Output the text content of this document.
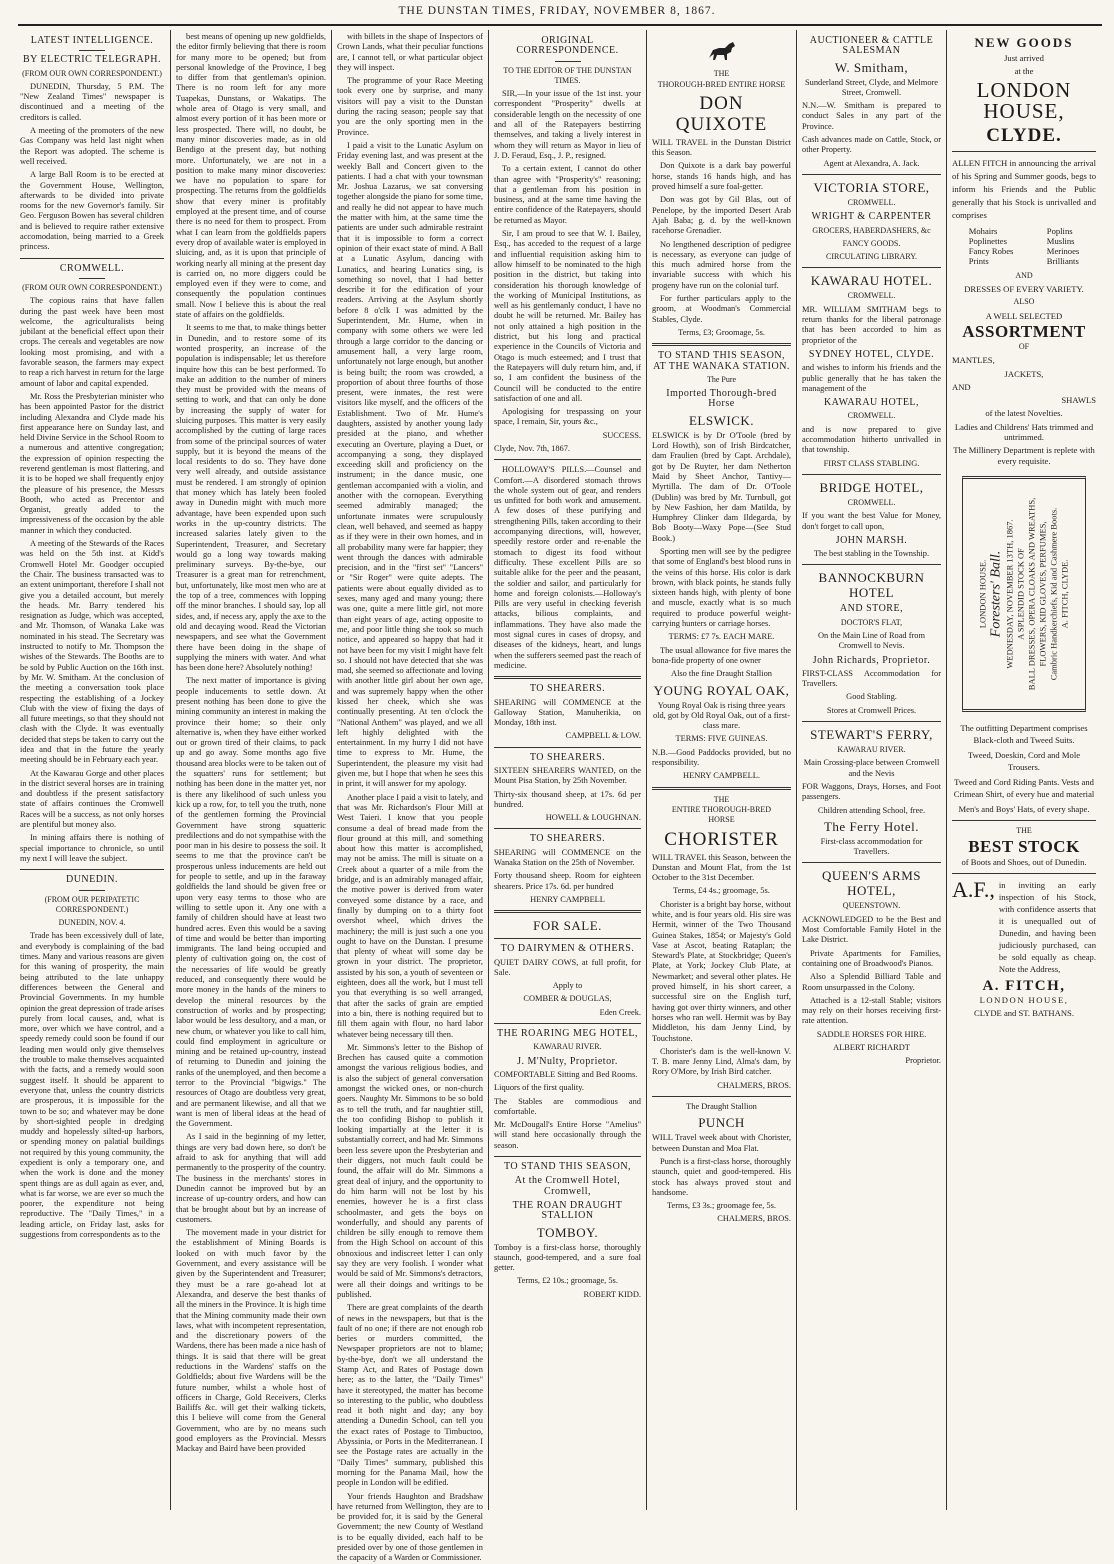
THE DUNSTAN TIMES, FRIDAY, NOVEMBER 8, 1867.
LATEST INTELLIGENCE.
BY ELECTRIC TELEGRAPH.
(FROM OUR OWN CORRESPONDENT.)

DUNEDIN, Thursday, 5 P.M. The "New Zealand Times" newspaper is discontinued and a meeting of the creditors is called.

A meeting of the promoters of the new Gas Company was held last night when the Report was adopted. The scheme is well received.

A large Ball Room is to be erected at the Government House, Wellington, afterwards to be divided into private rooms for the new Governor's family. Sir Geo. Ferguson Bowen has several children and is believed to require rather extensive accomodation, being married to a Greek princess.

CROMWELL.
(FROM OUR OWN CORRESPONDENT.)

The copious rains that have fallen during the past week have been most welcome, the agriculturalists being jubilant at the beneficial effect upon their crops. The cereals and vegetables are now looking most promising, and with a favorable season, the farmers may expect to reap a rich harvest in return for the large amount of labor and capital expended.

Mr. Ross the Presbyterian minister who has been appointed Pastor for the district including Alexandra and Clyde made his first appearance here on Sunday last, and held Divine Service in the School Room to a numerous and attentive congregation; the expression of opinion respecting the reverend gentleman is most flattering, and it is to be hoped we shall frequently enjoy the pleasure of his presence, the Messrs Booth, who acted as Precentor and Organist, greatly added to the impressiveness of the occasion by the able manner in which they conducted.

A meeting of the Stewards of the Races was held on the 5th inst. at Kidd's Cromwell Hotel Mr. Goodger occupied the Chair. The business transacted was to an extent unimportant, therefore I shall not give you a detailed account, but merely the heads. Mr. Barry tendered his resignation as Judge, which was accepted, and Mr. Thomson, of Wanaka Lake was nominated in his stead. The Secretary was instructed to notify to Mr. Thompson the wishes of the Stewards. The Booths are to be sold by Public Auction on the 16th inst. by Mr. W. Smitham. At the conclusion of the meeting a conversation took place respecting the establishing of a Jockey Club with the view of fixing the days of all future meetings, so that they should not clash with the Clyde. It was eventually decided that steps be taken to carry out the idea and that in the future the yearly meeting should be in February each year.

At the Kawarau Gorge and other places in the district several horses are in training and doubtless if the present satisfactory state of affairs continues the Cromwell Races will be a success, as not only horses are plentiful but money also.

In mining affairs there is nothing of special importance to chronicle, so until my next I will leave the subject.

DUNEDIN.
(FROM OUR PERIPATETIC CORRESPONDENT.)
DUNEDIN, NOV. 4.

Trade has been excessively dull of late, and everybody is complaining of the bad times. Many and various reasons are given for this waning of prosperity, the main being attributed to the late unhappy differences between the General and Provincial Governments. In my humble opinion the great depression of trade arises purely from local causes, and, what is more, over which we have control, and a speedy remedy could soon be found if our leading men would only give themselves the trouble to make themselves acquainted with the facts, and a remedy would soon suggest itself. It should be apparent to everyone that, unless the country districts are prosperous, it is impossible for the town to be so; and whatever may be done by short-sighted people in dredging muddy and hopelessly silted-up harbors, or spending money on palatial buildings not required by this young community, the expedient is only a temporary one, and when the work is done and the money spent things are as dull again as ever, and, what is far worse, we are ever so much the poorer, the expenditure not being reproductive. The "Daily Times," in a leading article, on Friday last, asks for suggestions from correspondents as to the

best means of opening up new goldfields, the editor firmly believing that there is room for many more to be opened; but from personal knowledge of the Province, I beg to differ from that gentleman's opinion. There is no room left for any more Tuapekas, Dunstans, or Wakatips. The whole area of Otago is very small, and almost every portion of it has been more or less prospected. There will, no doubt, be many minor discoveries made, as in old Bendigo at the present day, but nothing more. Unfortunately, we are not in a position to make many minor discoveries: we have no population to spare for prospecting. The returns from the goldfields show that every miner is profitably employed at the present time, and of course there is no need for them to prospect. From what I can learn from the goldfields papers every drop of available water is employed in sluicing, and, as it is upon that principle of working nearly all mining at the present day is carried on, no more diggers could be employed even if they were to come, and consequently the population continues small. Now I believe this is about the real state of affairs on the goldfields.

It seems to me that, to make things better in Dunedin, and to restore some of its wonted prosperity, an increase of the population is indispensable; let us therefore inquire how this can be best performed. To make an addition to the number of miners they must be provided with the means of setting to work, and that can only be done by increasing the supply of water for sluicing purposes. This matter is very easily accomplished by the cutting of large races from some of the principal sources of water supply, but it is beyond the means of the local residents to do so. They have done very well already, and outside assistance must be rendered. I am strongly of opinion that money which has lately been fooled away in Dunedin might with much more advantage, have been expended upon such works in the up-country districts. The increased salaries lately given to the Superintendent, Treasurer, and Secretary would go a long way towards making preliminary surveys. By-the-bye, our Treasurer is a great man for retrenchment, but, unfortunately, like most men who are at the top of a tree, commences with lopping off the minor branches. I should say, lop all sides, and, if necess ary, apply the axe to the old and decaying wood. Read the Victorian newspapers, and see what the Government there have been doing in the shape of supplying the miners with water. And what has been done here? Absolutely nothing!

The next matter of importance is giving people inducements to settle down. At present nothing has been done to give the mining community an interest in making the province their home; so their only alternative is, when they have either worked out or grown tired of their claims, to pack up and go away. Some months ago five thousand area blocks were to be taken out of the squatters' runs for settlement; but nothing has been done in the matter yet, nor is there any likelihood of such unless you kick up a row, for, to tell you the truth, none of the gentlemen forming the Provincial Government have strong squatteric predilections and do not sympathise with the poor man in his desire to possess the soil. It seems to me that the province can't be prosperous unless inducements are held out for people to settle, and up in the faraway goldfields the land should be given free or upon very easy terms to those who are willing to settle upon it. Any one with a family of children should have at least two hundred acres. Even this would be a saving of time and would be better than importing immigrants. The land being occupied and plenty of cultivation going on, the cost of the necessaries of life would be greatly reduced, and consequently there would be more money in the hands of the miners to develop the mineral resources by the construction of works and by prospecting; labor would be less desultory, and a man, or new chum, or whatever you like to call him, could find employment in agriculture or mining and be retained up-country, instead of returning to Dunedin and joining the ranks of the unemployed, and then become a terror to the Provincial "bigwigs." The resources of Otago are doubtless very great, and are permanent likewise, and all that we want is men of liberal ideas at the head of the Government.

As I said in the beginning of my letter, things are very bad down here, so don't be afraid to ask for anything that will add permanently to the prosperity of the country. The business in the merchants' stores in Dunedin cannot be improved but by an increase of up-country orders, and how can that be brought about but by an increase of customers.

The movement made in your district for the establishment of Mining Boards is looked on with much favor by the Government, and every assistance will be given by the Superintendent and Treasurer; they must be a rare go-ahead lot at Alexandra, and deserve the best thanks of all the miners in the Province. It is high time that the Mining community made their own laws, what with incompetent representation, and the discretionary powers of the Wardens, there has been made a nice hash of things. It is said that there will be great reductions in the Wardens' staffs on the Goldfields; about five Wardens will be the future number, whilst a whole host of officers in Charge, Gold Receivers, Clerks Bailiffs &c. will get their walking tickets, this I believe will come from the General Government, who are by no means such good employers as the Provincial. Messrs Mackay and Baird have been provided

with billets in the shape of Inspectors of Crown Lands, what their peculiar functions are, I cannot tell, or what particular object they will inspect.

The programme of your Race Meeting took every one by surprise, and many visitors will pay a visit to the Dunstan during the racing season; people say that you are the only sporting men in the Province.

I paid a visit to the Lunatic Asylum on Friday evening last, and was present at the weekly Ball and Concert given to the patients. I had a chat with your townsman Mr. Joshua Lazarus, we sat conversing together alongside the piano for some time, and really he did not appear to have much the matter with him, at the same time the patients are under such admirable restraint that it is impossible to form a correct opinion of their exact state of mind. A Ball at a Lunatic Asylum, dancing with Lunatics, and hearing Lunatics sing, is something so novel, that I had better describe it for the edification of your readers. Arriving at the Asylum shortly before 8 o'clk I was admitted by the Superintendent, Mr. Hume, when in company with some others we were led through a large corridor to the dancing or amusement hall, a very large room, unfortunately not large enough, but another is being built; the room was crowded, a proportion of about three fourths of those present, were inmates, the rest were visitors like myself, and the officers of the Establishment. Two of Mr. Hume's daughters, assisted by another young lady presided at the piano, and whether executing an Overture, playing a Duet, or accompanying a song, they displayed exceeding skill and proficiency on the instrument; in the dance music, one gentleman accompanied with a violin, and another with the cornopean. Everything seemed admirably managed; the unfortunate inmates were scrupulously clean, well behaved, and seemed as happy as if they were in their own homes, and in all probability many were far happier; they went through the dances with admirable precision, and in the "first set" "Lancers" or "Sir Roger" were quite adepts. The patients were about equally divided as to sexes, many aged and many young; there was one, quite a mere little girl, not more than eight years of age, acting opposite to me, and poor little thing she took so much notice, and appeared so happy that had it not have been for my visit I might have felt so. I should not have detected that she was mad, she seemed so affectionate and loving with another little girl about her own age, and was supremely happy when the other kissed her cheek, which she was continually presenting. At ten o'clock the "National Anthem" was played, and we all left highly delighted with the entertainment. In my hurry I did not have time to express to Mr. Hume, the Superintendent, the pleasure my visit had given me, but I hope that when he sees this in print, it will answer for my apology.

Another place I paid a visit to lately, and that was Mr. Richardson's Flour Mill at West Taieri. I know that you people consume a deal of bread made from the flour ground at this mill, and something about how this matter is accomplished, may not be amiss. The mill is situate on a Creek about a quarter of a mile from the bridge, and is an admirably managed affair, the motive power is derived from water conveyed some distance by a race, and finally by dumping on to a thirty foot overshot wheel, which drives the machinery; the mill is just such a one you ought to have on the Dunstan. I presume that plenty of wheat will some day be grown in your district. The proprietor, assisted by his son, a youth of seventeen or eighteen, does all the work, but I must tell you that everything is so well arranged, that after the sacks of grain are emptied into a bin, there is nothing required but to fill them again with flour, no hard labor whatever being necessary till then.

Mr. Simmons's letter to the Bishop of Brechen has caused quite a commotion amongst the various religious bodies, and is also the subject of general conversation amongst the wicked ones, or non-church goers. Naughty Mr. Simmons to be so bold as to tell the truth, and far naughtier still, the too confiding Bishop to publish it looking impartially at the letter it is substantially correct, and had Mr. Simmons been less severe upon the Presbyterian and their diggers, not much fault could be found, the affair will do Mr. Simmons a great deal of injury, and the opportunity to do him harm will not be lost by his enemies, however he is a first class schoolmaster, and gets the boys on wonderfully, and should any parents of children be silly enough to remove them from the High School on account of this obnoxious and indiscreet letter I can only say they are very foolish. I wonder what would be said of Mr. Simmons's detractors, were all their doings and writings to be published.

There are great complaints of the dearth of news in the newspapers, but that is the fault of no one; if there are not enough rob beries or murders committed, the Newspaper proprietors are not to blame; by-the-bye, don't we all understand the Stamp Act, and Rates of Postage down here; as to the latter, the "Daily Times" have it stereotyped, the matter has become so interesting to the public, who doubtless read it both night and day; any boy attending a Dunedin School, can tell you the exact rates of Postage to Timbuctoo, Abyssinia, or Ports in the Mediterranean. I see the Postage rates are actually in the "Daily Times" summary, published this morning for the Panama Mail, how the people in London will be edified.

Your friends Haughton and Bradshaw have returned from Wellington, they are to be provided for, it is said by the General Government; the new County of Westland is to be equally divided, each half to be presided over by one of those gentlemen in the capacity of a Warden or Commissioner.

ORIGINAL CORRESPONDENCE.
TO THE EDITOR OF THE DUNSTAN TIMES.

SIR,—In your issue of the 1st inst. your correspondent "Prosperity" dwells at considerable length on the necessity of one and all of the Ratepayers bestirring themselves, and taking a lively interest in whom they will return as Mayor in lieu of J. D. Feraud, Esq., J. P., resigned.

To a certain extent, I cannot do other than agree with "Prosperity's" reasoning; that a gentleman from his position in business, and at the same time having the entire confidence of the Ratepayers, should be returned as Mayor.

Sir, I am proud to see that W. I. Bailey, Esq., has acceded to the request of a large and influential requisition asking him to allow himself to be nominated to the high position in the district, but taking into consideration his thorough knowledge of the working of Municipal Institutions, as well as his gentlemanly conduct, I have no doubt he will be returned. Mr. Bailey has not only attained a high position in the district, but his long and practical experience in the Councils of Victoria and Otago is much esteemed; and I trust that the Ratepayers will duly return him, and, if so, I am confident the business of the Council will be conducted to the entire satisfaction of one and all.

Apologising for trespassing on your space, I remain, Sir, yours &c.,

SUCCESS.

Clyde, Nov. 7th, 1867.

HOLLOWAY'S PILLS.—Counsel and Comfort.—A disordered stomach throws the whole system out of gear, and renders us unfitted for both work and amusement. A few doses of these purifying and strengthening Pills, taken according to their accompanying directions, will, however, speedily restore order and re-enable the stomach to digest its food without difficulty. These excellent Pills are so suitable alike for the peer and the peasant, the soldier and sailor, and particularly for home and foreign colonists.—Holloway's Pills are very useful in checking feverish attacks, bilious complaints, and inflammations. They have also made the most signal cures in cases of dropsy, and diseases of the kidneys, heart, and lungs when the sufferers seemed past the reach of medicine.

TO SHEARERS.

SHEARING will COMMENCE at the Galloway Station, Manuherikia, on Monday, 18th inst.

CAMPBELL & LOW.

TO SHEARERS.

SIXTEEN SHEARERS WANTED, on the Mount Pisa Station, by 25th November.

Thirty-six thousand sheep, at 17s. 6d per hundred.

HOWELL & LOUGHNAN.

TO SHEARERS.

SHEARING will COMMENCE on the Wanaka Station on the 25th of November.

Forty thousand sheep. Room for eighteen shearers. Price 17s. 6d. per hundred

HENRY CAMPBELL

FOR SALE.
TO DAIRYMEN & OTHERS.

QUIET DAIRY COWS, at full profit, for Sale.

Apply to

COMBER & DOUGLAS,

Eden Creek.

THE ROARING MEG HOTEL,
KAWARAU RIVER.
J. M'Nulty, Proprietor.

COMFORTABLE Sitting and Bed Rooms.

Liquors of the first quality.

The Stables are commodious and comfortable.

Mr. McDougall's Entire Horse "Amelius" will stand here occasionally through the season.

TO STAND THIS SEASON,
At the Cromwell Hotel, Cromwell,
THE ROAN DRAUGHT STALLION
TOMBOY.

Tomboy is a first-class horse, thoroughly staunch, good-tempered, and a sure foal getter.

Terms, £2 10s.; groomage, 5s.

ROBERT KIDD.

THE
THOROUGH-BRED ENTIRE HORSE
DON QUIXOTE

WILL TRAVEL in the Dunstan District this Season.

Don Quixote is a dark bay powerful horse, stands 16 hands high, and has proved himself a sure foal-getter.

Don was got by Gil Blas, out of Penelope, by the imported Desert Arab Ajah Baba; g. d. by the well-known racehorse Grenadier.

No lengthened description of pedigree is necessary, as everyone can judge of this much admired horse from the invariable success with which his progeny have run on the colonial turf.

For further particulars apply to the groom, at Woodman's Commercial Stables, Clyde.

Terms, £3; Groomage, 5s.

TO STAND THIS SEASON, AT THE WANAKA STATION.
The Pure
Imported Thorough-bred Horse
ELSWICK.

ELSWICK is by Dr O'Toole (bred by Lord Howth), son of Irish Birdcatcher, dam Fraulien (bred by Capt. Archdale), got by De Ruyter, her dam Netherton Maid by Sheet Anchor, Tantivy—Myrtilla. The dam of Dr. O'Toole (Dublin) was bred by Mr. Turnbull, got by New Fashion, her dam Matilda, by Humphrey Clinker dam Ildegarda, by Bob Booty—Waxy Pope—(See Stud Book.)

Sporting men will see by the pedigree that some of England's best blood runs in the veins of this horse. His color is dark brown, with black points, he stands fully sixteen hands high, with plenty of bone and muscle, exactly what is so much required to produce powerful weight-carrying hunters or carriage horses.

TERMS: £7 7s. EACH MARE.

The usual allowance for five mares the bona-fide property of one owner

Also the fine Draught Stallion

YOUNG ROYAL OAK,

Young Royal Oak is rising three years old, got by Old Royal Oak, out of a first-class mare.

TERMS: FIVE GUINEAS.

N.B.—Good Paddocks provided, but no responsibility.

HENRY CAMPBELL.

THE
ENTIRE THOROUGH-BRED
HORSE
CHORISTER

WILL TRAVEL this Season, between the Dunstan and Mount Flat, from the 1st October to the 31st December.

Terms, £4 4s.; groomage, 5s.

Chorister is a bright bay horse, without white, and is four years old. His sire was Hermit, winner of the Two Thousand Guinea Stakes, 1854; or Majesty's Gold Vase at Ascot, beating Rataplan; the Steward's Plate, at Stockbridge; Queen's Plate, at York; Jockey Club Plate, at Newmarket; and several other plates. He proved himself, in his short career, a successful sire on the English turf, having got over thirty winners, and other horses who ran well. Hermit was by Bay Middleton, his dam Jenny Lind, by Touchstone.

Chorister's dam is the well-known V. T. B. mare Jenny Lind, Alma's dam, by Rory O'More, by Irish Bird catcher.

CHALMERS, BROS.

The Draught Stallion

PUNCH

WILL Travel week about with Chorister, between Dunstan and Moa Flat.

Punch is a first-class horse, thoroughly staunch, quiet and good-tempered. His stock has always proved stout and handsome.

Terms, £3 3s.; groomage fee, 5s.

CHALMERS, BROS.

AUCTIONEER & CATTLE SALESMAN
W. Smitham,

Sunderland Street, Clyde, and Melmore Street, Cromwell.

N.N.—W. Smitham is prepared to conduct Sales in any part of the Province.

Cash advances made on Cattle, Stock, or other Property.

Agent at Alexandra, A. Jack.

VICTORIA STORE,
CROMWELL.
WRIGHT & CARPENTER
GROCERS, HABERDASHERS, &c
FANCY GOODS.
CIRCULATING LIBRARY.
KAWARAU HOTEL.
CROMWELL.

MR. WILLIAM SMITHAM begs to return thanks for the liberal patronage that has been accorded to him as proprietor of the

SYDNEY HOTEL, CLYDE.

and wishes to inform his friends and the public generally that he has taken the management of the

KAWARAU HOTEL,
CROMWELL.

and is now prepared to give accommodation hitherto unrivalled in that township.

FIRST CLASS STABLING.

BRIDGE HOTEL,
CROMWELL.

If you want the best Value for Money, don't forget to call upon,

JOHN MARSH.

The best stabling in the Township.

BANNOCKBURN HOTEL
AND STORE,
DOCTOR'S FLAT,

On the Main Line of Road from Cromwell to Nevis.

John Richards, Proprietor.

FIRST-CLASS Accommodation for Travellers.

Good Stabling.

Stores at Cromwell Prices.

STEWART'S FERRY,
KAWARAU RIVER.

Main Crossing-place between Cromwell and the Nevis

FOR Waggons, Drays, Horses, and Foot passengers.

Children attending School, free.

The Ferry Hotel.

First-class accommodation for Travellers.

QUEEN'S ARMS HOTEL,
QUEENSTOWN.

ACKNOWLEDGED to be the Best and Most Comfortable Family Hotel in the Lake District.

Private Apartments for Families, containing one of Broadwood's Pianos.

Also a Splendid Billiard Table and Room unsurpassed in the Colony.

Attached is a 12-stall Stable; visitors may rely on their horses receiving first-rate attention.

SADDLE HORSES FOR HIRE.

ALBERT RICHARDT

Proprietor.

NEW GOODS

Just arrived

at the

LONDON HOUSE,
CLYDE.

ALLEN FITCH in announcing the arrival of his Spring and Summer goods, begs to inform his Friends and the Public generally that his Stock is unrivalled and comprises

Mohairs
Poplinettes
Fancy Robes
Prints
Poplins
Muslins
Merinoes
Brilliants

AND

DRESSES OF EVERY VARIETY.

ALSO

A WELL SELECTED

ASSORTMENT

OF

MANTLES,

JACKETS,

AND

SHAWLS

of the latest Novelties.

Ladies and Childrens' Hats trimmed and untrimmed.

The Millinery Department is replete with every requisite.

LONDON HOUSE. Foresters' Ball. WEDNESDAY, NOVEMBER 13TH, 1867. A SPLENDID STOCK OF BALL DRESSES, OPERA CLOAKS AND WREATHS, FLOWERS, KID GLOVES, PERFUMES, Cambric Handkerchiefs, Kid and Cashmere Boots. A. FITCH, CLYDE.

The outfitting Department comprises Black-cloth and Tweed Suits.

Tweed, Doeskin, Cord and Mole Trousers.

Tweed and Cord Riding Pants. Vests and Crimean Shirt, of every hue and material

Men's and Boys' Hats, of every shape.

THE

BEST STOCK

of Boots and Shoes, out of Dunedin.

A.F., in inviting an early inspection of his Stock, with confidence asserts that it is unequalled out of Dunedin, and having been judiciously purchased, can be sold equally as cheap. Note the Address,

A. FITCH,

LONDON HOUSE,

CLYDE and ST. BATHANS.
